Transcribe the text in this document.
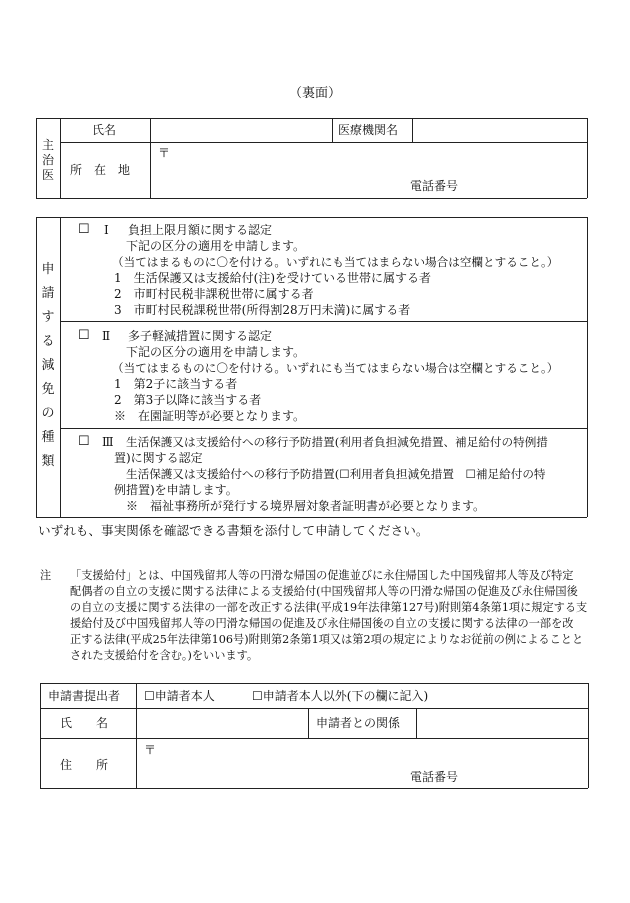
（裏面）
主
治
医
氏名	医療機関名
所　在　地
〒
電話番号
申
請
す
る
減
免
の
種
類
☐ Ⅰ 負担上限月額に関する認定
下記の区分の適用を申請します。
（当てはまるものに〇を付ける。いずれにも当てはまらない場合は空欄とすること。）
1　生活保護又は支援給付(注)を受けている世帯に属する者
2　市町村民税非課税世帯に属する者
3　市町村民税課税世帯(所得割28万円未満)に属する者
☐ Ⅱ 多子軽減措置に関する認定
下記の区分の適用を申請します。
（当てはまるものに〇を付ける。いずれにも当てはまらない場合は空欄とすること。）
1　第2子に該当する者
2　第3子以降に該当する者
※　在園証明等が必要となります。
☐ Ⅲ 生活保護又は支援給付への移行予防措置(利用者負担減免措置、補足給付の特例措
置)に関する認定
生活保護又は支援給付への移行予防措置(☐利用者負担減免措置　☐補足給付の特
例措置)を申請します。
※　福祉事務所が発行する境界層対象者証明書が必要となります。
いずれも、事実関係を確認できる書類を添付して申請してください。
注 「支援給付」とは、中国残留邦人等の円滑な帰国の促進並びに永住帰国した中国残留邦人等及び特定
配偶者の自立の支援に関する法律による支援給付(中国残留邦人等の円滑な帰国の促進及び永住帰国後
の自立の支援に関する法律の一部を改正する法律(平成19年法律第127号)附則第4条第1項に規定する支
援給付及び中国残留邦人等の円滑な帰国の促進及び永住帰国後の自立の支援に関する法律の一部を改
正する法律(平成25年法律第106号)附則第2条第1項又は第2項の規定によりなお従前の例によることと
された支援給付を含む。)をいいます。
申請書提出者 ☐申請者本人	☐申請者本人以外(下の欄に記入)
氏　　名	申請者との関係
住　　所
〒
電話番号
